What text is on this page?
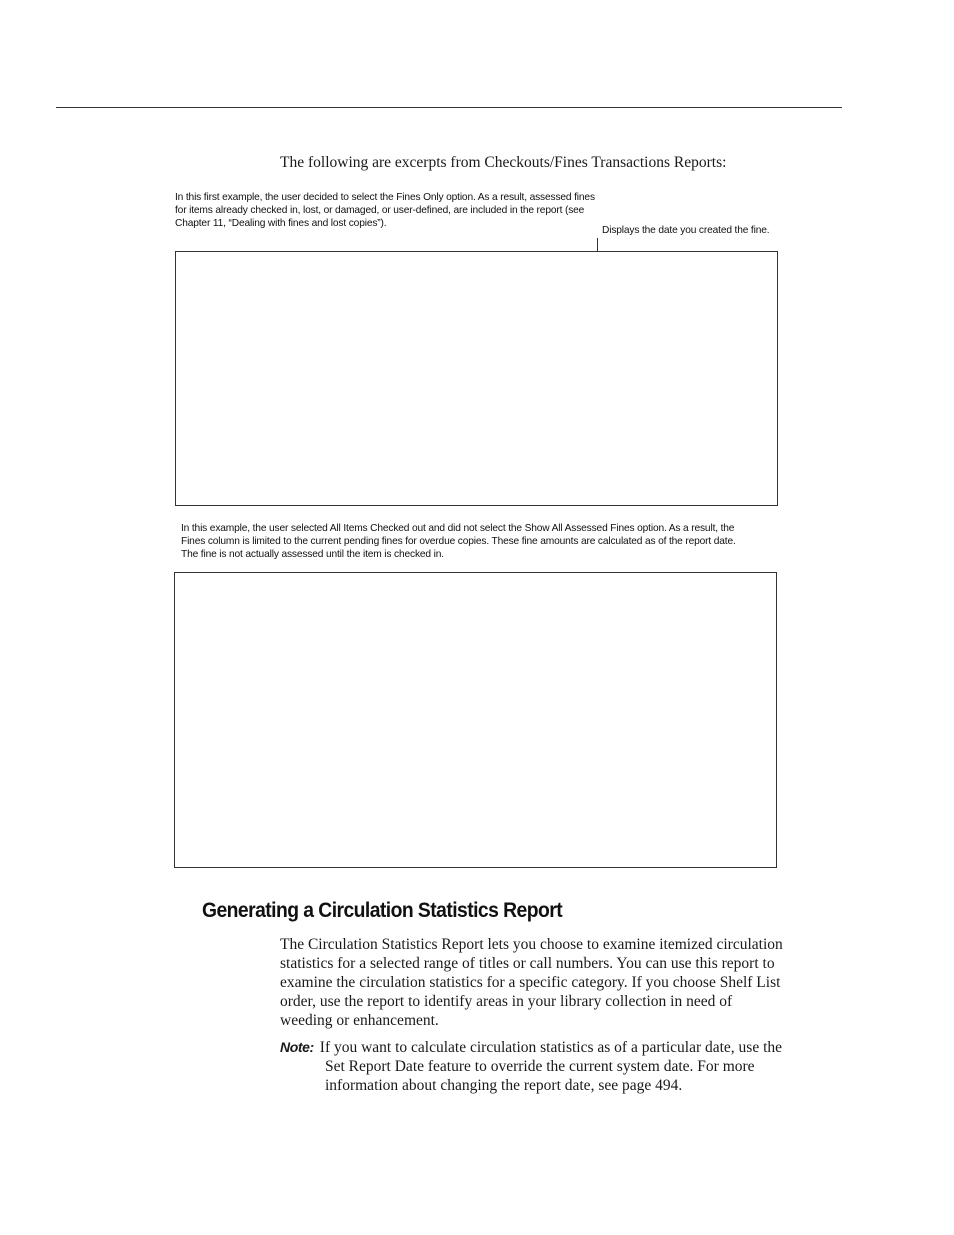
The following are excerpts from Checkouts/Fines Transactions Reports:
In this first example, the user decided to select the Fines Only option. As a result, assessed fines
for items already checked in, lost, or damaged, or user-defined, are included in the report (see
Chapter 11, “Dealing with fines and lost copies”).
Displays the date you created the fine.
In this example, the user selected All Items Checked out and did not select the Show All Assessed Fines option. As a result, the
Fines column is limited to the current pending fines for overdue copies. These fine amounts are calculated as of the report date.
The fine is not actually assessed until the item is checked in.
Generating a Circulation Statistics Report
The Circulation Statistics Report lets you choose to examine itemized circulation
statistics for a selected range of titles or call numbers. You can use this report to
examine the circulation statistics for a specific category. If you choose Shelf List
order, use the report to identify areas in your library collection in need of
weeding or enhancement.
Note: If you want to calculate circulation statistics as of a particular date, use the
Set Report Date feature to override the current system date. For more
information about changing the report date, see page 494.
